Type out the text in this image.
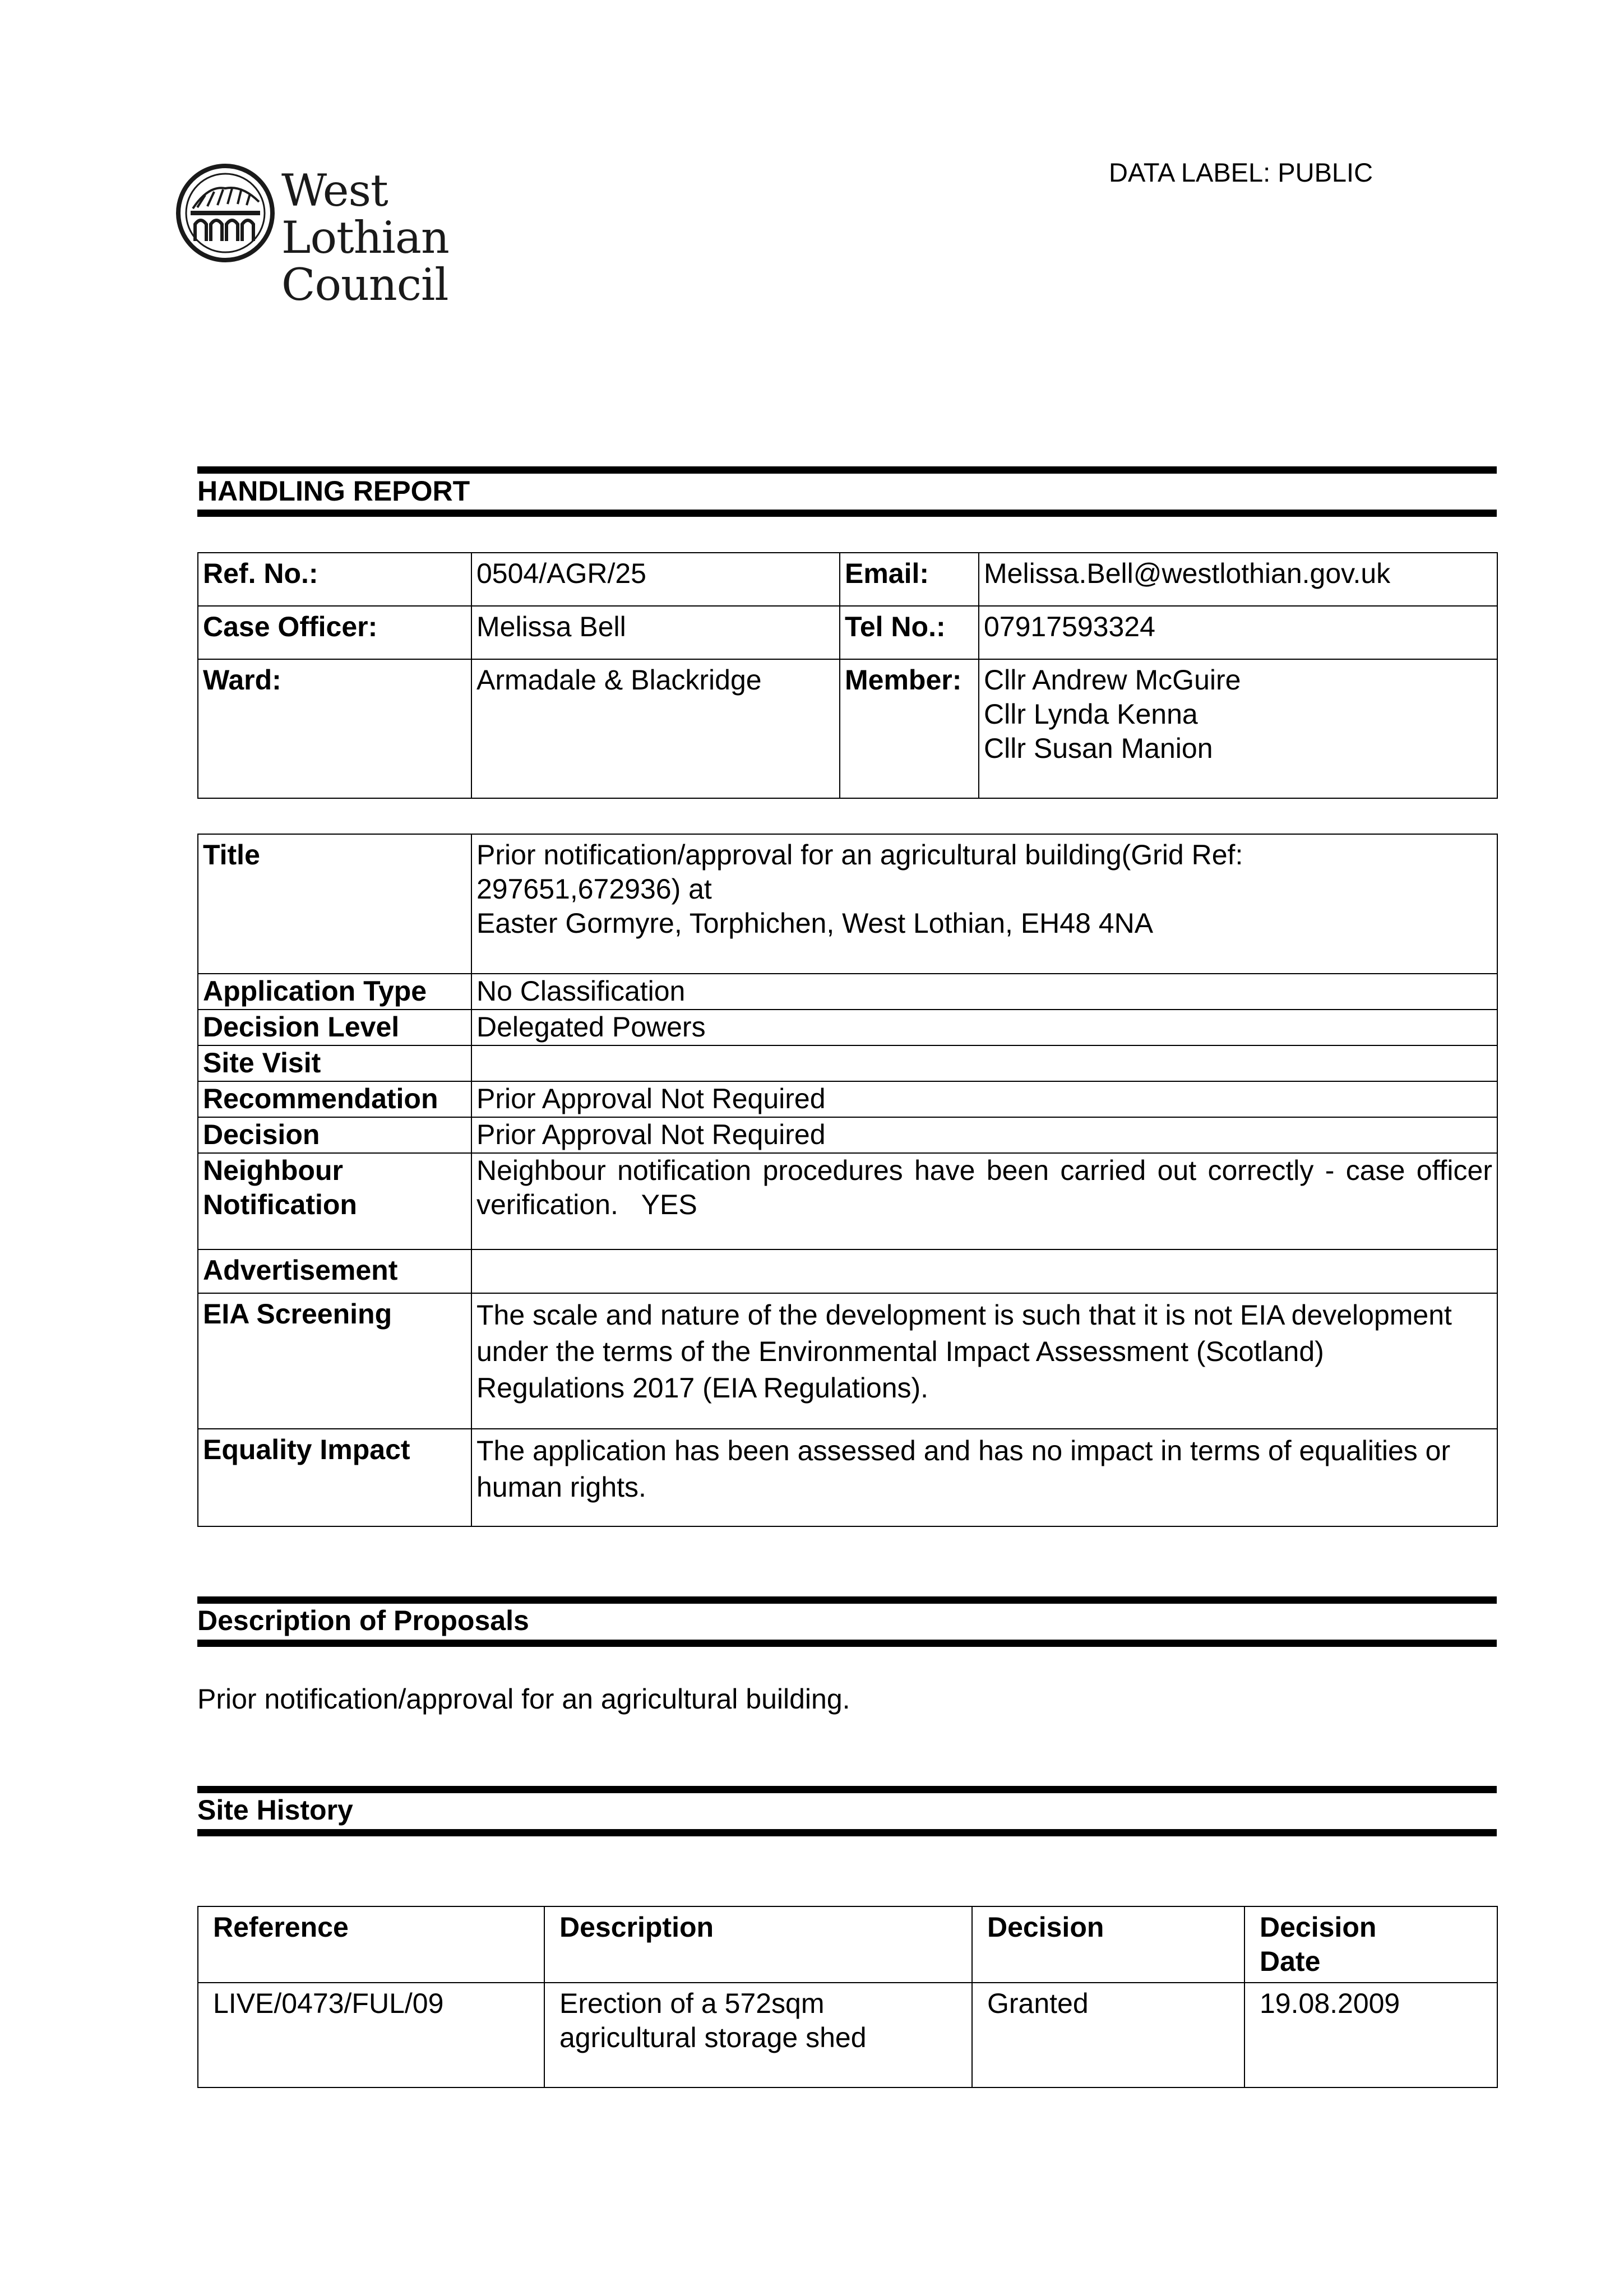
DATA LABEL: PUBLIC
West Lothian
Council
HANDLING REPORT
Ref. No.:	0504/AGR/25	Email:	Melissa.Bell@westlothian.gov.uk
Case Officer:	Melissa Bell	Tel No.:	07917593324
Ward:	Armadale & Blackridge	Member:	Cllr Andrew McGuire
Cllr Lynda Kenna
Cllr Susan Manion
Title	Prior notification/approval for an agricultural building(Grid Ref:
297651,672936) at
Easter Gormyre, Torphichen, West Lothian, EH48 4NA

Application Type	No Classification
Decision Level	Delegated Powers
Site Visit	
Recommendation	Prior Approval Not Required
Decision	Prior Approval Not Required

Neighbour
Notification	Neighbour notification procedures have been carried out correctly - case officer verification.   YES
Advertisement	
EIA Screening	The scale and nature of the development is such that it is not EIA development under the terms of the Environmental Impact Assessment (Scotland) Regulations 2017 (EIA Regulations).
Equality Impact	The application has been assessed and has no impact in terms of equalities or human rights.
Description of Proposals
Prior notification/approval for an agricultural building.
Site History
Reference	Description	Decision	Decision Date
LIVE/0473/FUL/09	Erection of a 572sqm agricultural storage shed	Granted	19.08.2009
